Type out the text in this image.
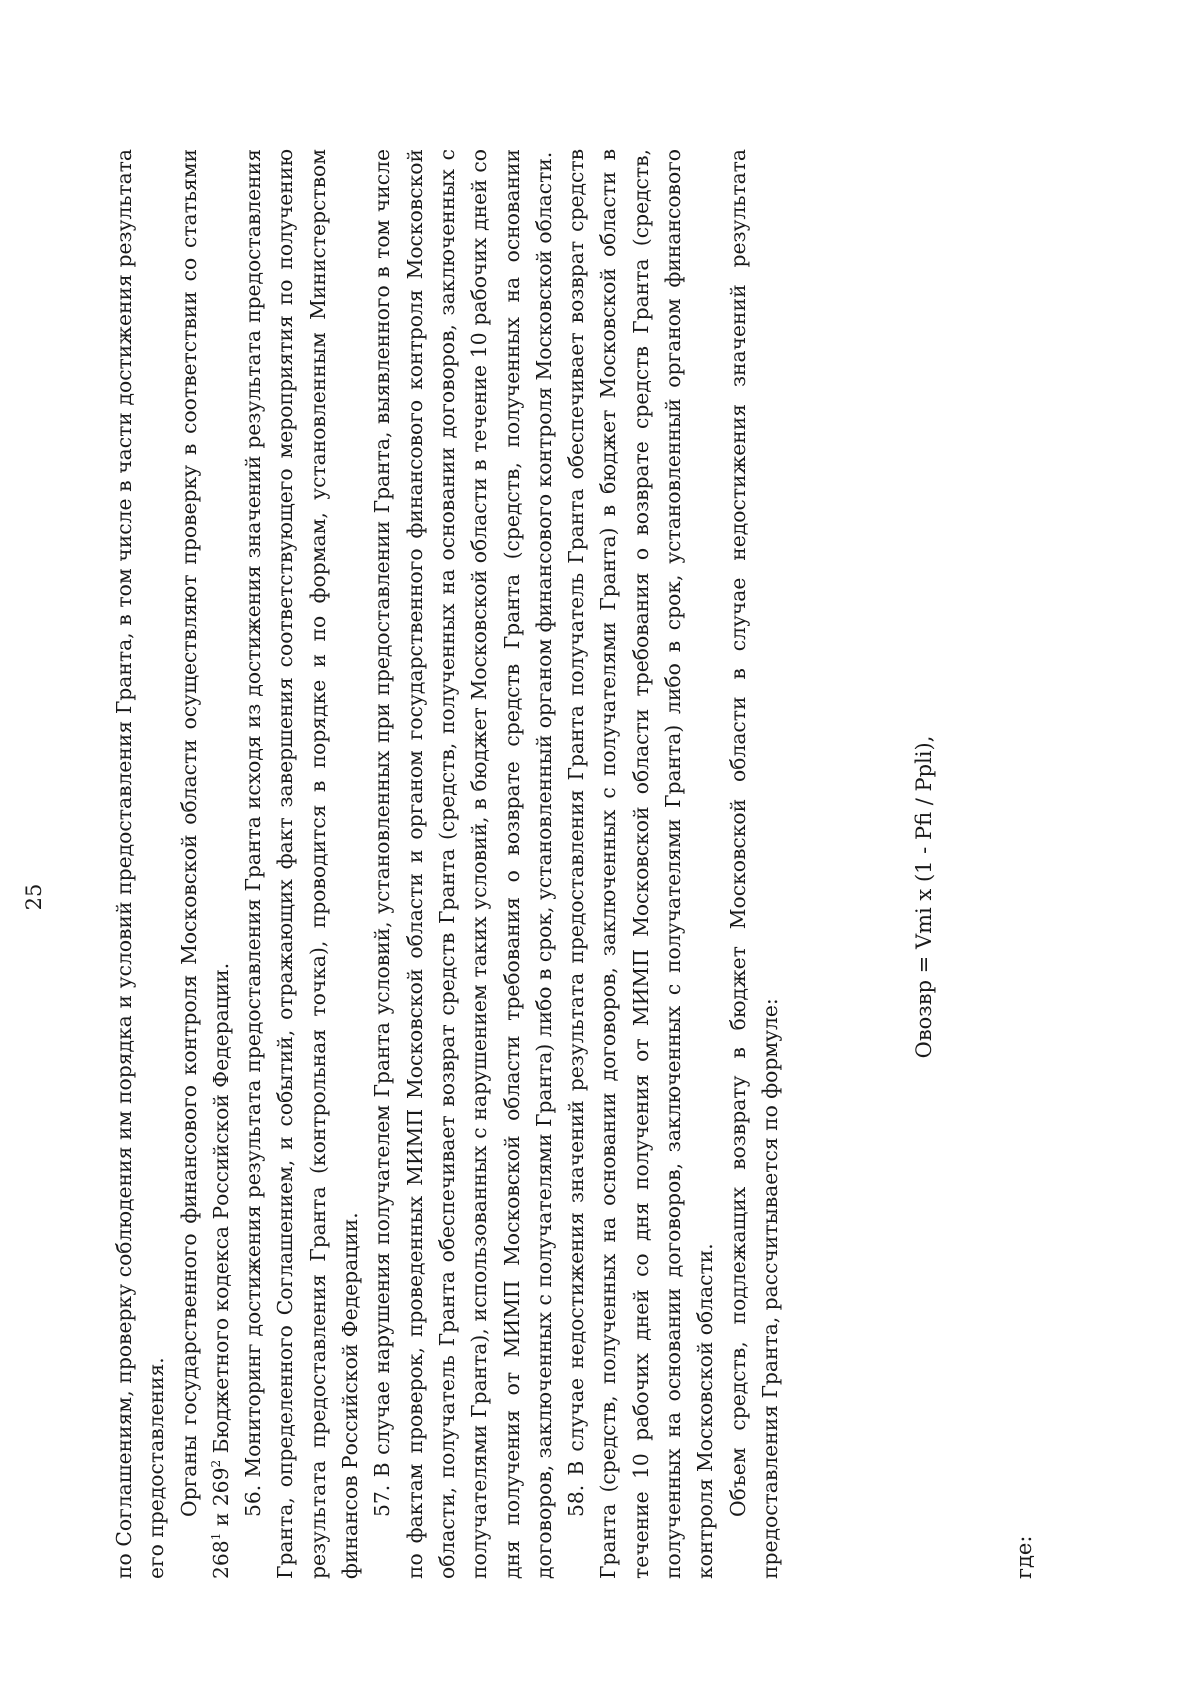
25	по Соглашениям, проверку соблюдения им порядка и условий предоставления Гранта, в том числе в части достижения результата его предоставления. Органы государственного финансового контроля Московской области осуществляют проверку в соответствии со статьями $268^1$ и $269^2$ Бюджетного кодекса Российской Федерации. 56. Мониторинг достижения результата предоставления Гранта исходя из достижения значений результата предоставления Гранта, определенного Соглашением, и событий, отражающих факт завершения соответствующего мероприятия по получению результата предоставления Гранта (контрольная точка), проводится в порядке и по формам, установленным Министерством финансов Российской Федерации. 57. В случае нарушения получателем Гранта условий, установленных при предоставлении Гранта, выявленного в том числе по фактам проверок, проведенных МИМП Московской области и органом государственного финансового контроля Московской области, получатель Гранта обеспечивает возврат средств Гранта (средств, полученных на основании договоров, заключенных с получателями Гранта), использованных с нарушением таких условий, в бюджет Московской области в течение 10 рабочих дней со дня получения от МИМП Московской области требования о возврате средств Гранта (средств, полученных на основании договоров, заключенных с получателями Гранта) либо в срок, установленный органом финансового контроля Московской области. 58. В случае недостижения значений результата предоставления Гранта получатель Гранта обеспечивает возврат средств Гранта (средств, полученных на основании договоров, заключенных с получателями Гранта) в бюджет Московской области в течение 10 рабочих дней со дня получения от МИМП Московской области требования о возврате средств Гранта (средств, полученных на основании договоров, заключенных с получателями Гранта) либо в срок, установленный органом финансового контроля Московской области. Объем средств, подлежащих возврату в бюджет Московской области в случае недостижения значений результата предоставления Гранта, рассчитывается по формуле:

Овозвр = Vmi x (1 - Pfi / Ppli),
где:
